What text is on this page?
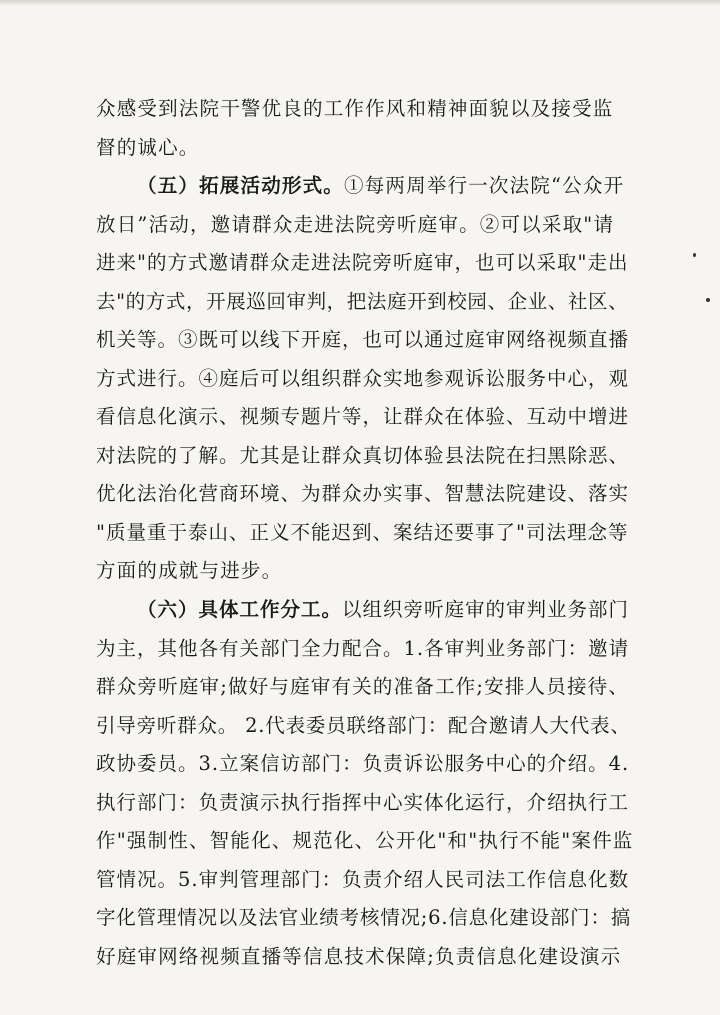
众感受到法院干警优良的工作作风和精神面貌以及接受监
督的诚心。
（五）拓展活动形式。①每两周举行一次法院“公众开
放日”活动，邀请群众走进法院旁听庭审。②可以采取"请
进来"的方式邀请群众走进法院旁听庭审，也可以采取"走出
去"的方式，开展巡回审判，把法庭开到校园、企业、社区、
机关等。③既可以线下开庭，也可以通过庭审网络视频直播
方式进行。④庭后可以组织群众实地参观诉讼服务中心，观
看信息化演示、视频专题片等，让群众在体验、互动中增进
对法院的了解。尤其是让群众真切体验县法院在扫黑除恶、
优化法治化营商环境、为群众办实事、智慧法院建设、落实
"质量重于泰山、正义不能迟到、案结还要事了"司法理念等
方面的成就与进步。
（六）具体工作分工。以组织旁听庭审的审判业务部门
为主，其他各有关部门全力配合。1.各审判业务部门：邀请
群众旁听庭审;做好与庭审有关的准备工作;安排人员接待、
引导旁听群众。 2.代表委员联络部门：配合邀请人大代表、
政协委员。3.立案信访部门：负责诉讼服务中心的介绍。4.
执行部门：负责演示执行指挥中心实体化运行，介绍执行工
作"强制性、智能化、规范化、公开化"和"执行不能"案件监
管情况。5.审判管理部门：负责介绍人民司法工作信息化数
字化管理情况以及法官业绩考核情况;6.信息化建设部门：搞
好庭审网络视频直播等信息技术保障;负责信息化建设演示
